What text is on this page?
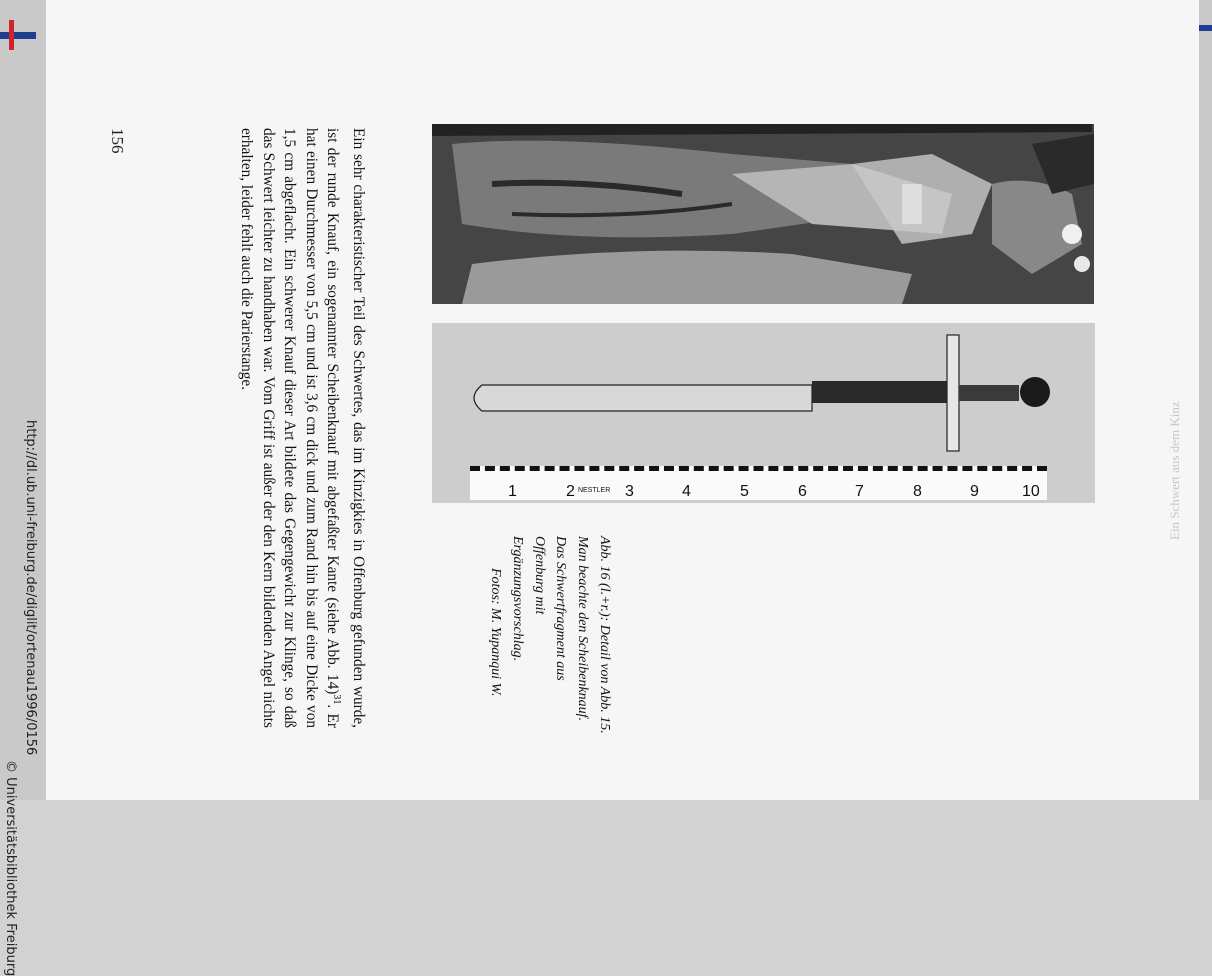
Ein Schwert aus dem Kinz
156	Ein sehr charakteristischer Teil des Schwertes, das im Kinzigkies in Offenburg gefunden wurde, ist der runde Knauf, ein sogenannter Scheibenknauf mit abgefaßter Kante (siehe Abb. 14)$^{31}$. Er hat einen Durchmesser von 5,5 cm und ist 3,6 cm dick und zum Rand hin bis auf eine Dicke von 1,5 cm abgeflacht. Ein schwerer Knauf dieser Art bildete das Gegengewicht zur Klinge, so daß das Schwert leichter zu handhaben war. Vom Griff ist außer der den Kern bildenden Angel nichts erhalten, leider fehlt auch die Parierstange.
Abb. 16 (l.+r.): Detail von Abb. 15. Man beachte den Scheibenknauf. Das Schwertfragment aus Offenburg mit Ergänzungsvorschlag.
Fotos: M. Yupanqui W.
1	2 NESTLER 3	4	5	6	7	8	9	10
http://dl.ub.uni-freiburg.de/diglit/ortenau1996/0156
© Universitätsbibliothek Freiburg
